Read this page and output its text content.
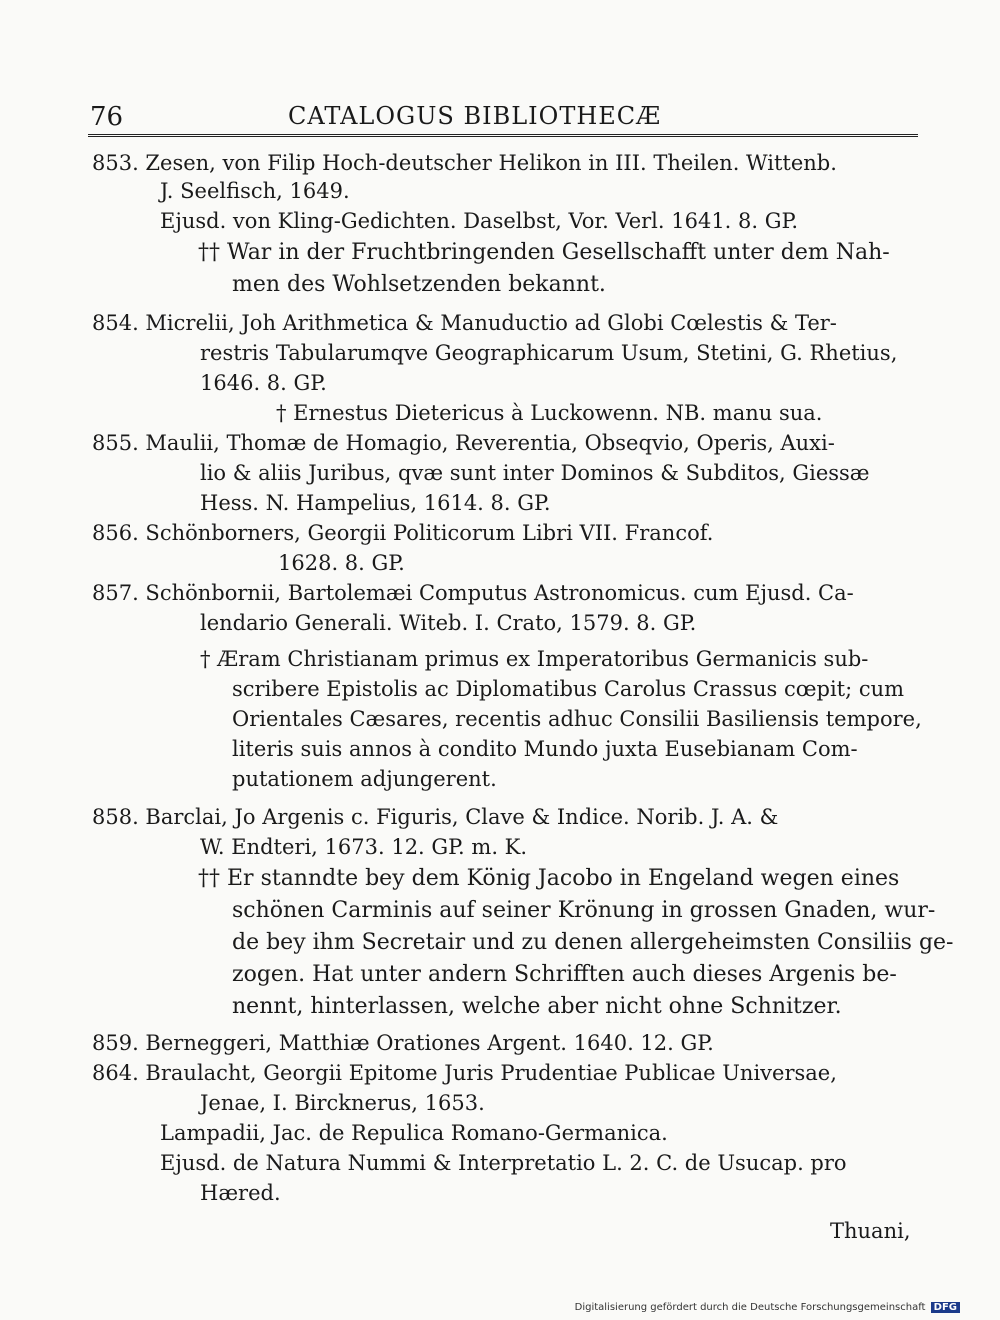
76	CATALOGUS BIBLIOTHECÆ
853. Zesen, von Filip Hoch-deutscher Helikon in III. Theilen. Wittenb.
J. Seelfisch, 1649.
Ejusd. von Kling-Gedichten. Daselbst, Vor. Verl. 1641. 8. GP.
†† War in der Fruchtbringenden Gesellschafft unter dem Nah-
men des Wohlsetzenden bekannt.
854. Micrelii, Joh Arithmetica & Manuductio ad Globi Cœlestis & Ter-
restris Tabularumqve Geographicarum Usum, Stetini, G. Rhetius,
1646. 8. GP.
† Ernestus Dietericus à Luckowenn. NB. manu sua.
855. Maulii, Thomæ de Homagio, Reverentia, Obseqvio, Operis, Auxi-
lio & aliis Juribus, qvæ sunt inter Dominos & Subditos, Giessæ
Hess. N. Hampelius, 1614. 8. GP.
856. Schönborners, Georgii Politicorum Libri VII. Francof.
1628. 8. GP.
857. Schönbornii, Bartolemæi Computus Astronomicus. cum Ejusd. Ca-
lendario Generali. Witeb. I. Crato, 1579. 8. GP.
† Æram Christianam primus ex Imperatoribus Germanicis sub-
scribere Epistolis ac Diplomatibus Carolus Crassus cœpit; cum
Orientales Cæsares, recentis adhuc Consilii Basiliensis tempore,
literis suis annos à condito Mundo juxta Eusebianam Com-
putationem adjungerent.
858. Barclai, Jo Argenis c. Figuris, Clave & Indice. Norib. J. A. &
W. Endteri, 1673. 12. GP. m. K.
†† Er stanndte bey dem König Jacobo in Engeland wegen eines
schönen Carminis auf seiner Krönung in grossen Gnaden, wur-
de bey ihm Secretair und zu denen allergeheimsten Consiliis ge-
zogen. Hat unter andern Schrifften auch dieses Argenis be-
nennt, hinterlassen, welche aber nicht ohne Schnitzer.
859. Berneggeri, Matthiæ Orationes Argent. 1640. 12. GP.
864. Braulacht, Georgii Epitome Juris Prudentiae Publicae Universae,
Jenae, I. Bircknerus, 1653.
Lampadii, Jac. de Repulica Romano-Germanica.
Ejusd. de Natura Nummi & Interpretatio L. 2. C. de Usucap. pro
Hæred.
Thuani,
Digitalisierung gefördert durch die Deutsche Forschungsgemeinschaft DFG
